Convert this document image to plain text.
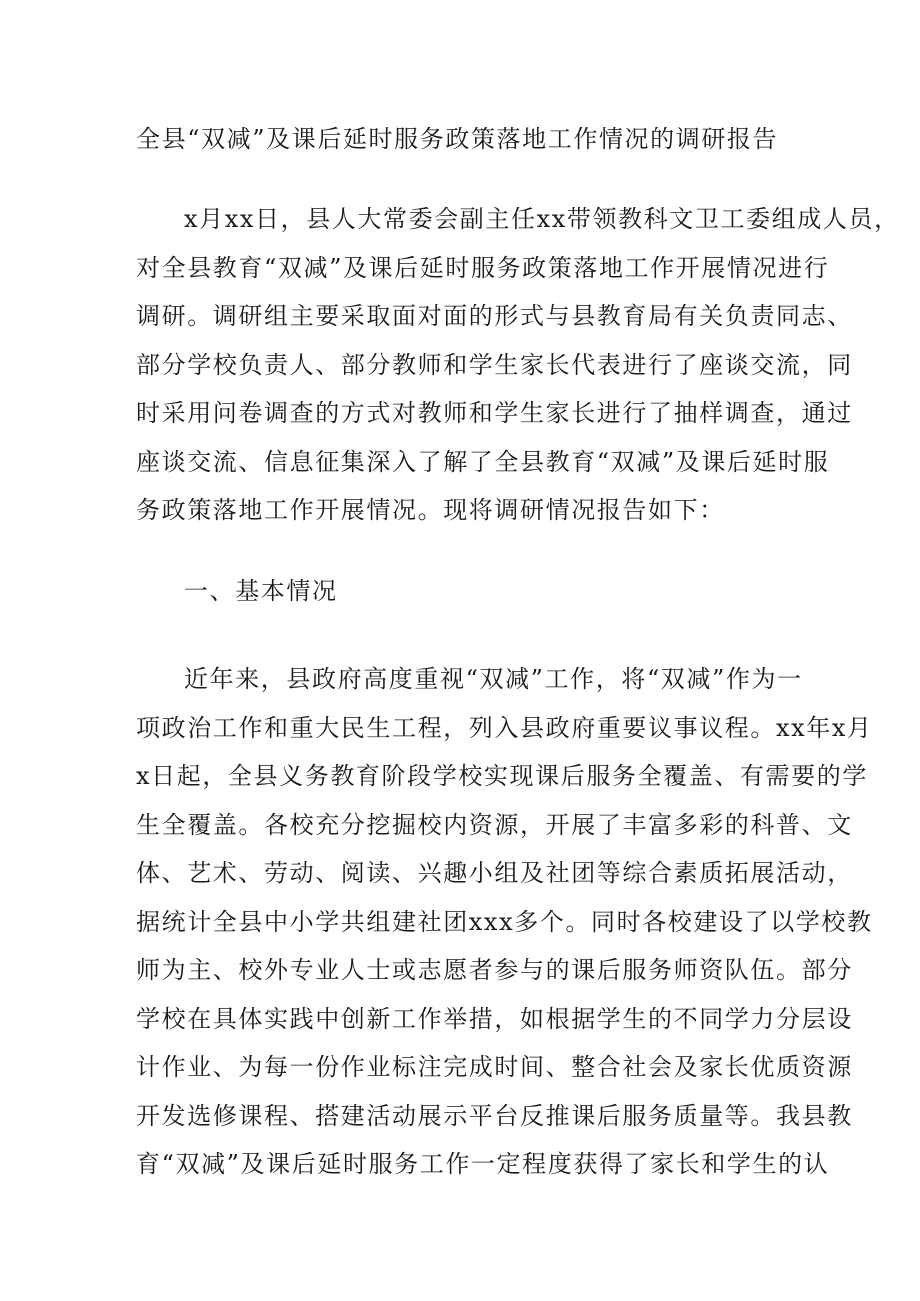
全县“双减”及课后延时服务政策落地工作情况的调研报告

x月xx日，县人大常委会副主任xx带领教科文卫工委组成人员，
对全县教育“双减”及课后延时服务政策落地工作开展情况进行
调研。调研组主要采取面对面的形式与县教育局有关负责同志、
部分学校负责人、部分教师和学生家长代表进行了座谈交流，同
时采用问卷调查的方式对教师和学生家长进行了抽样调查，通过
座谈交流、信息征集深入了解了全县教育“双减”及课后延时服
务政策落地工作开展情况。现将调研情况报告如下：

一、基本情况

近年来，县政府高度重视“双减”工作，将“双减”作为一
项政治工作和重大民生工程，列入县政府重要议事议程。xx年x月
x日起，全县义务教育阶段学校实现课后服务全覆盖、有需要的学
生全覆盖。各校充分挖掘校内资源，开展了丰富多彩的科普、文
体、艺术、劳动、阅读、兴趣小组及社团等综合素质拓展活动，
据统计全县中小学共组建社团xxx多个。同时各校建设了以学校教
师为主、校外专业人士或志愿者参与的课后服务师资队伍。部分
学校在具体实践中创新工作举措，如根据学生的不同学力分层设
计作业、为每一份作业标注完成时间、整合社会及家长优质资源
开发选修课程、搭建活动展示平台反推课后服务质量等。我县教
育“双减”及课后延时服务工作一定程度获得了家长和学生的认
